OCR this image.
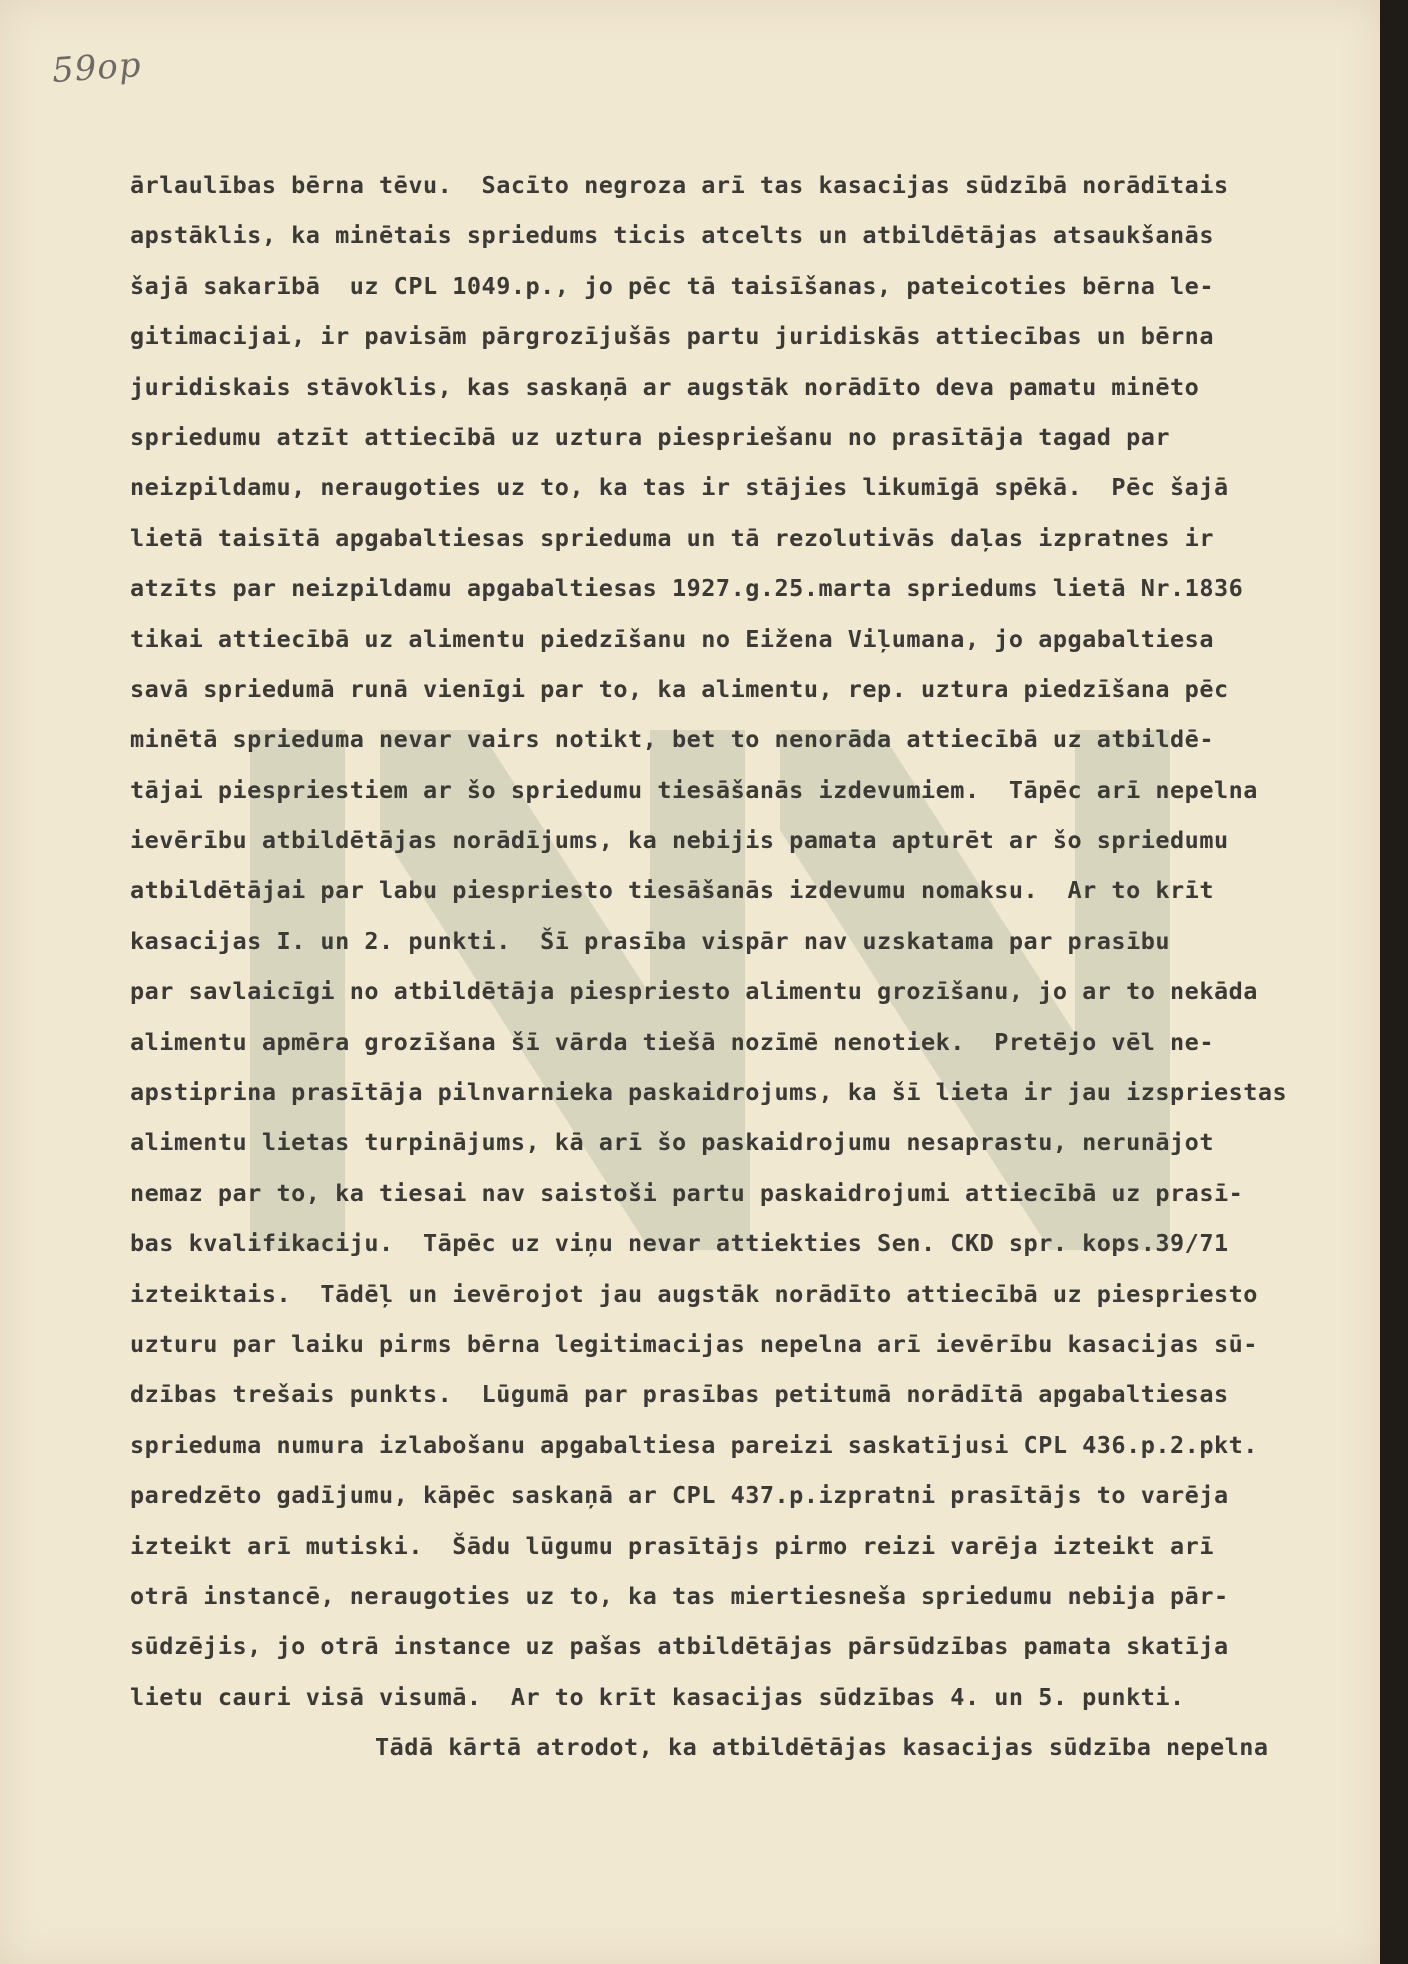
59op
ārlaulības bērna tēvu.  Sacīto negroza arī tas kasacijas sūdzībā norādītais
apstāklis, ka minētais spriedums ticis atcelts un atbildētājas atsaukšanās
šajā sakarībā  uz CPL 1049.p., jo pēc tā taisīšanas, pateicoties bērna le-
gitimacijai, ir pavisām pārgrozījušās partu juridiskās attiecības un bērna
juridiskais stāvoklis, kas saskaņā ar augstāk norādīto deva pamatu minēto
spriedumu atzīt attiecībā uz uztura piespriešanu no prasītāja tagad par
neizpildamu, neraugoties uz to, ka tas ir stājies likumīgā spēkā.  Pēc šajā
lietā taisītā apgabaltiesas sprieduma un tā rezolutivās daļas izpratnes ir
atzīts par neizpildamu apgabaltiesas 1927.g.25.marta spriedums lietā Nr.1836
tikai attiecībā uz alimentu piedzīšanu no Eižena Viļumana, jo apgabaltiesa
savā spriedumā runā vienīgi par to, ka alimentu, rep. uztura piedzīšana pēc
minētā sprieduma nevar vairs notikt, bet to nenorāda attiecībā uz atbildē-
tājai piespriestiem ar šo spriedumu tiesāšanās izdevumiem.  Tāpēc arī nepelna
ievērību atbildētājas norādījums, ka nebijis pamata apturēt ar šo spriedumu
atbildētājai par labu piespriesto tiesāšanās izdevumu nomaksu.  Ar to krīt
kasacijas I. un 2. punkti.  Šī prasība vispār nav uzskatama par prasību
par savlaicīgi no atbildētāja piespriesto alimentu grozīšanu, jo ar to nekāda
alimentu apmēra grozīšana šī vārda tiešā nozīmē nenotiek.  Pretējo vēl ne-
apstiprina prasītāja pilnvarnieka paskaidrojums, ka šī lieta ir jau izspriestas
alimentu lietas turpinājums, kā arī šo paskaidrojumu nesaprastu, nerunājot
nemaz par to, ka tiesai nav saistoši partu paskaidrojumi attiecībā uz prasī-
bas kvalifikaciju.  Tāpēc uz viņu nevar attiekties Sen. CKD spr. kops.39/71
izteiktais.  Tādēļ un ievērojot jau augstāk norādīto attiecībā uz piespriesto
uzturu par laiku pirms bērna legitimacijas nepelna arī ievērību kasacijas sū-
dzības trešais punkts.  Lūgumā par prasības petitumā norādītā apgabaltiesas
sprieduma numura izlabošanu apgabaltiesa pareizi saskatījusi CPL 436.p.2.pkt.
paredzēto gadījumu, kāpēc saskaņā ar CPL 437.p.izpratni prasītājs to varēja
izteikt arī mutiski.  Šādu lūgumu prasītājs pirmo reizi varēja izteikt arī
otrā instancē, neraugoties uz to, ka tas miertiesneša spriedumu nebija pār-
sūdzējis, jo otrā instance uz pašas atbildētājas pārsūdzības pamata skatīja
lietu cauri visā visumā.  Ar to krīt kasacijas sūdzības 4. un 5. punkti.
Tādā kārtā atrodot, ka atbildētājas kasacijas sūdzība nepelna
